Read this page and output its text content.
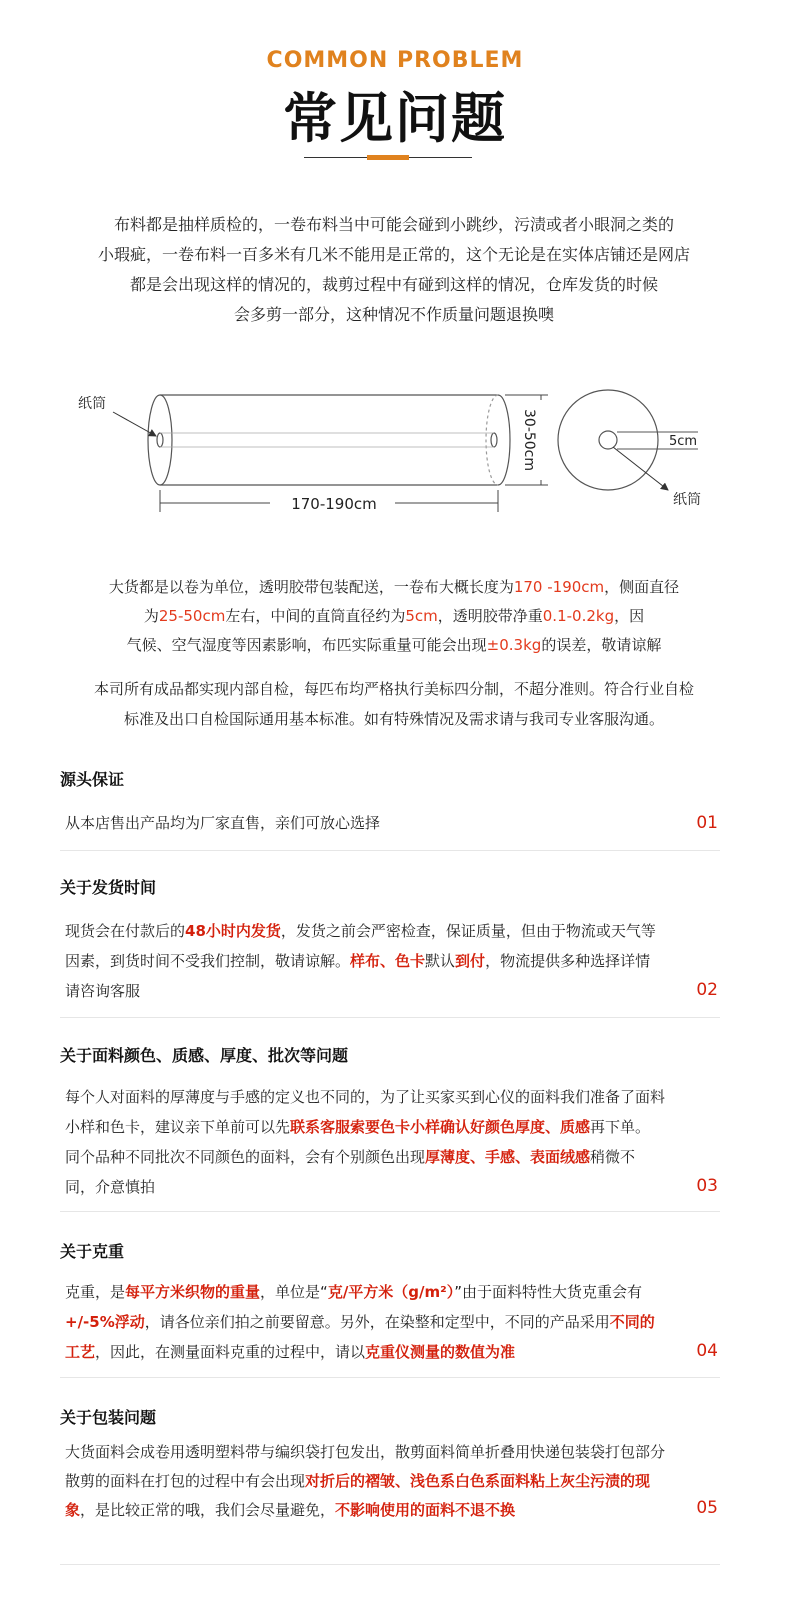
COMMON PROBLEM
常见问题

布料都是抽样质检的，一卷布料当中可能会碰到小跳纱，污渍或者小眼洞之类的

小瑕疵，一卷布料一百多米有几米不能用是正常的，这个无论是在实体店铺还是网店

都是会出现这样的情况的，裁剪过程中有碰到这样的情况，仓库发货的时候

会多剪一部分，这种情况不作质量问题退换噢

170-190cm
30-50cm
纸筒
5cm
纸筒

大货都是以卷为单位，透明胶带包装配送，一卷布大概长度为170 -190cm，侧面直径

为25-50cm左右，中间的直筒直径约为5cm，透明胶带净重0.1-0.2kg，因

气候、空气湿度等因素影响，布匹实际重量可能会出现±0.3kg的误差，敬请谅解

本司所有成品都实现内部自检，每匹布均严格执行美标四分制，不超分准则。符合行业自检标准及出口自检国际通用基本标准。如有特殊情况及需求请与我司专业客服沟通。
源头保证
从本店售出产品均为厂家直售，亲们可放心选择	01
关于发货时间
现货会在付款后的48小时内发货，发货之前会严密检查，保证质量，但由于物流或天气等因素，到货时间不受我们控制，敬请谅解。样布、色卡默认到付，物流提供多种选择详情请咨询客服	02
关于面料颜色、质感、厚度、批次等问题
每个人对面料的厚薄度与手感的定义也不同的，为了让买家买到心仪的面料我们准备了面料小样和色卡，建议亲下单前可以先联系客服索要色卡小样确认好颜色厚度、质感再下单。同个品种不同批次不同颜色的面料，会有个别颜色出现厚薄度、手感、表面绒感稍微不同，介意慎拍	03
关于克重
克重，是每平方米织物的重量，单位是“克/平方米（g/m²）”由于面料特性大货克重会有+/-5%浮动，请各位亲们拍之前要留意。另外，在染整和定型中，不同的产品采用不同的工艺，因此，在测量面料克重的过程中，请以克重仪测量的数值为准	04
关于包装问题
大货面料会成卷用透明塑料带与编织袋打包发出，散剪面料简单折叠用快递包装袋打包部分散剪的面料在打包的过程中有会出现对折后的褶皱、浅色系白色系面料粘上灰尘污渍的现象，是比较正常的哦，我们会尽量避免，不影响使用的面料不退不换	05
